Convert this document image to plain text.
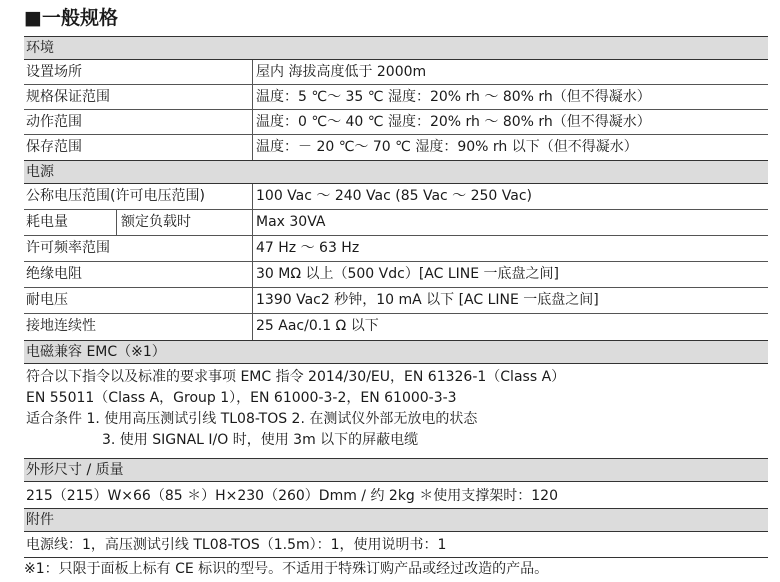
■一般规格
环境
设置场所	屋内 海拔高度低于 2000m
规格保证范围	温度：5 ℃～ 35 ℃ 湿度：20% rh ～ 80% rh（但不得凝水）
动作范围	温度：0 ℃～ 40 ℃ 湿度：20% rh ～ 80% rh（但不得凝水）
保存范围	温度：－ 20 ℃～ 70 ℃ 湿度：90% rh 以下（但不得凝水）
电源
公称电压范围(许可电压范围)	100 Vac ～ 240 Vac (85 Vac ～ 250 Vac)
耗电量	额定负载时	Max 30VA
许可频率范围	47 Hz ～ 63 Hz
绝缘电阻	30 MΩ 以上（500 Vdc）[AC LINE 一底盘之间]
耐电压	1390 Vac2 秒钟，10 mA 以下 [AC LINE 一底盘之间]
接地连续性	25 Aac/0.1 Ω 以下
电磁兼容 EMC（※1）
符合以下指令以及标准的要求事项 EMC 指令 2014/30/EU，EN 61326-1（Class A）
EN 55011（Class A，Group 1），EN 61000-3-2，EN 61000-3-3
适合条件 1. 使用高压测试引线 TL08-TOS 2. 在测试仪外部无放电的状态
3. 使用 SIGNAL I/O 时，使用 3m 以下的屏蔽电缆
外形尺寸 / 质量
215（215）W×66（85 ＊）H×230（260）Dmm / 约 2kg ＊使用支撑架时：120
附件
电源线：1，高压测试引线 TL08-TOS（1.5m）：1，使用说明书：1
※1：只限于面板上标有 CE 标识的型号。不适用于特殊订购产品或经过改造的产品。
